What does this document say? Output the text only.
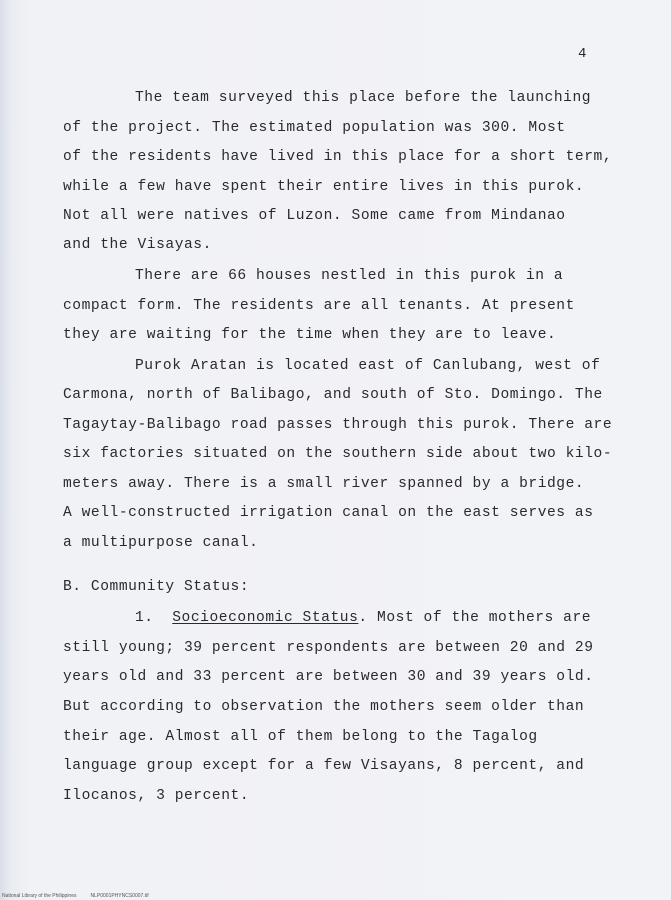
4
The team surveyed this place before the launching
of the project. The estimated population was 300. Most
of the residents have lived in this place for a short term,
while a few have spent their entire lives in this purok.
Not all were natives of Luzon. Some came from Mindanao
and the Visayas.
There are 66 houses nestled in this purok in a
compact form. The residents are all tenants. At present
they are waiting for the time when they are to leave.
Purok Aratan is located east of Canlubang, west of
Carmona, north of Balibago, and south of Sto. Domingo. The
Tagaytay-Balibago road passes through this purok. There are
six factories situated on the southern side about two kilo-
meters away. There is a small river spanned by a bridge.
A well-constructed irrigation canal on the east serves as
a multipurpose canal.
B. Community Status:
1. Socioeconomic Status. Most of the mothers are
still young; 39 percent respondents are between 20 and 29
years old and 33 percent are between 30 and 39 years old.
But according to observation the mothers seem older than
their age. Almost all of them belong to the Tagalog
language group except for a few Visayans, 8 percent, and
Ilocanos, 3 percent.
National Library of the Philippines	NLP0001PHYNCS0007.tif
